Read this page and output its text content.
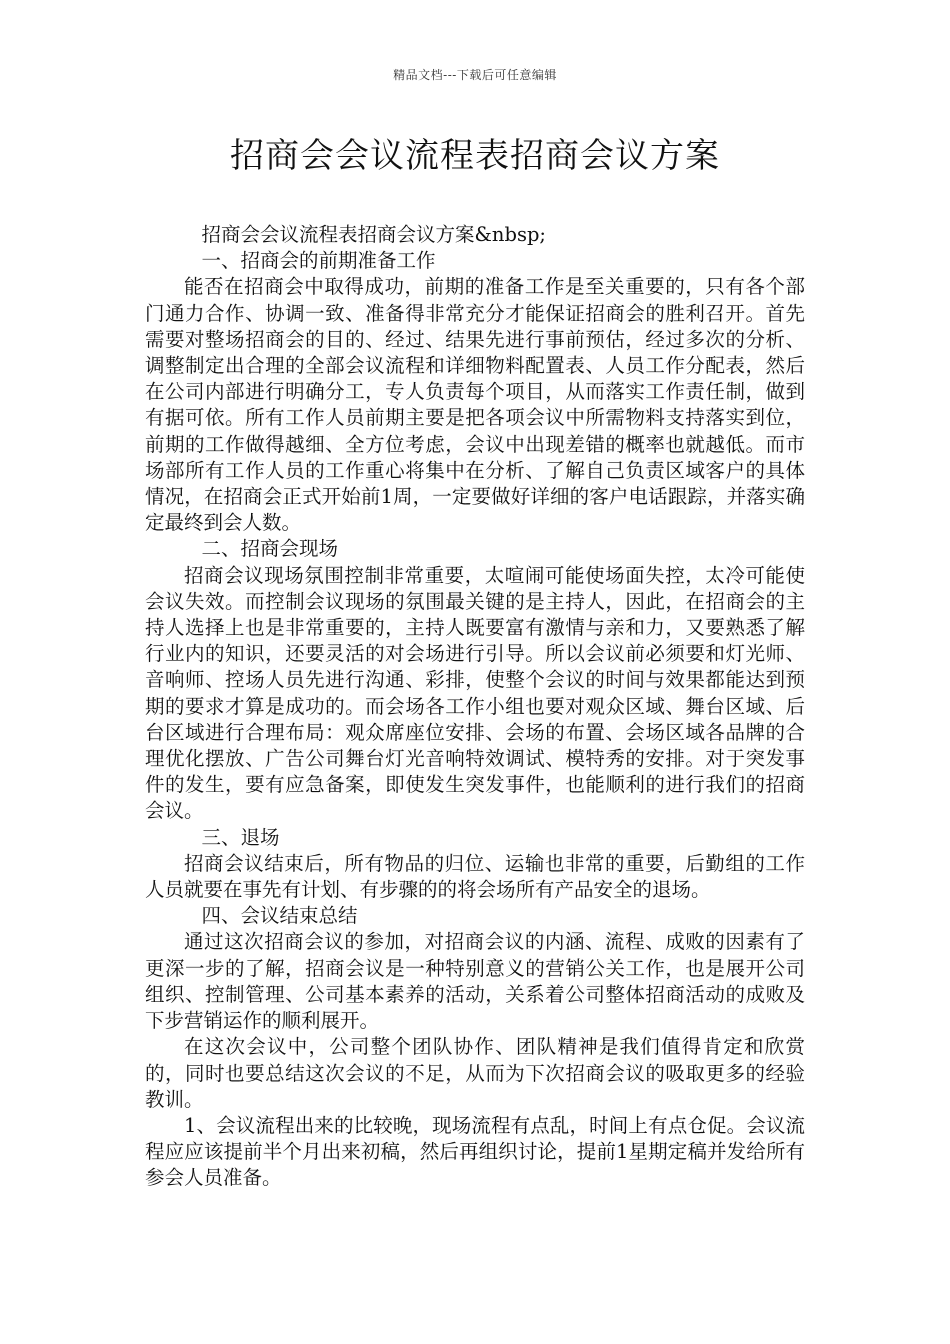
精品文档---下载后可任意编辑
招商会会议流程表招商会议方案

招商会会议流程表招商会议方案&nbsp;

一、招商会的前期准备工作

能否在招商会中取得成功，前期的准备工作是至关重要的，只有各个部门通力合作、协调一致、准备得非常充分才能保证招商会的胜利召开。首先需要对整场招商会的目的、经过、结果先进行事前预估，经过多次的分析、调整制定出合理的全部会议流程和详细物料配置表、人员工作分配表，然后在公司内部进行明确分工，专人负责每个项目，从而落实工作责任制，做到有据可依。所有工作人员前期主要是把各项会议中所需物料支持落实到位，前期的工作做得越细、全方位考虑，会议中出现差错的概率也就越低。而市场部所有工作人员的工作重心将集中在分析、了解自己负责区域客户的具体情况，在招商会正式开始前1周，一定要做好详细的客户电话跟踪，并落实确定最终到会人数。

二、招商会现场

招商会议现场氛围控制非常重要，太喧闹可能使场面失控，太冷可能使会议失效。而控制会议现场的氛围最关键的是主持人，因此，在招商会的主持人选择上也是非常重要的，主持人既要富有激情与亲和力，又要熟悉了解行业内的知识，还要灵活的对会场进行引导。所以会议前必须要和灯光师、音响师、控场人员先进行沟通、彩排，使整个会议的时间与效果都能达到预期的要求才算是成功的。而会场各工作小组也要对观众区域、舞台区域、后台区域进行合理布局：观众席座位安排、会场的布置、会场区域各品牌的合理优化摆放、广告公司舞台灯光音响特效调试、模特秀的安排。对于突发事件的发生，要有应急备案，即使发生突发事件，也能顺利的进行我们的招商会议。

三、退场

招商会议结束后，所有物品的归位、运输也非常的重要，后勤组的工作人员就要在事先有计划、有步骤的的将会场所有产品安全的退场。

四、会议结束总结

通过这次招商会议的参加，对招商会议的内涵、流程、成败的因素有了更深一步的了解，招商会议是一种特别意义的营销公关工作，也是展开公司组织、控制管理、公司基本素养的活动，关系着公司整体招商活动的成败及下步营销运作的顺利展开。

在这次会议中，公司整个团队协作、团队精神是我们值得肯定和欣赏的，同时也要总结这次会议的不足，从而为下次招商会议的吸取更多的经验教训。

1、会议流程出来的比较晚，现场流程有点乱，时间上有点仓促。会议流程应应该提前半个月出来初稿，然后再组织讨论，提前1星期定稿并发给所有参会人员准备。
